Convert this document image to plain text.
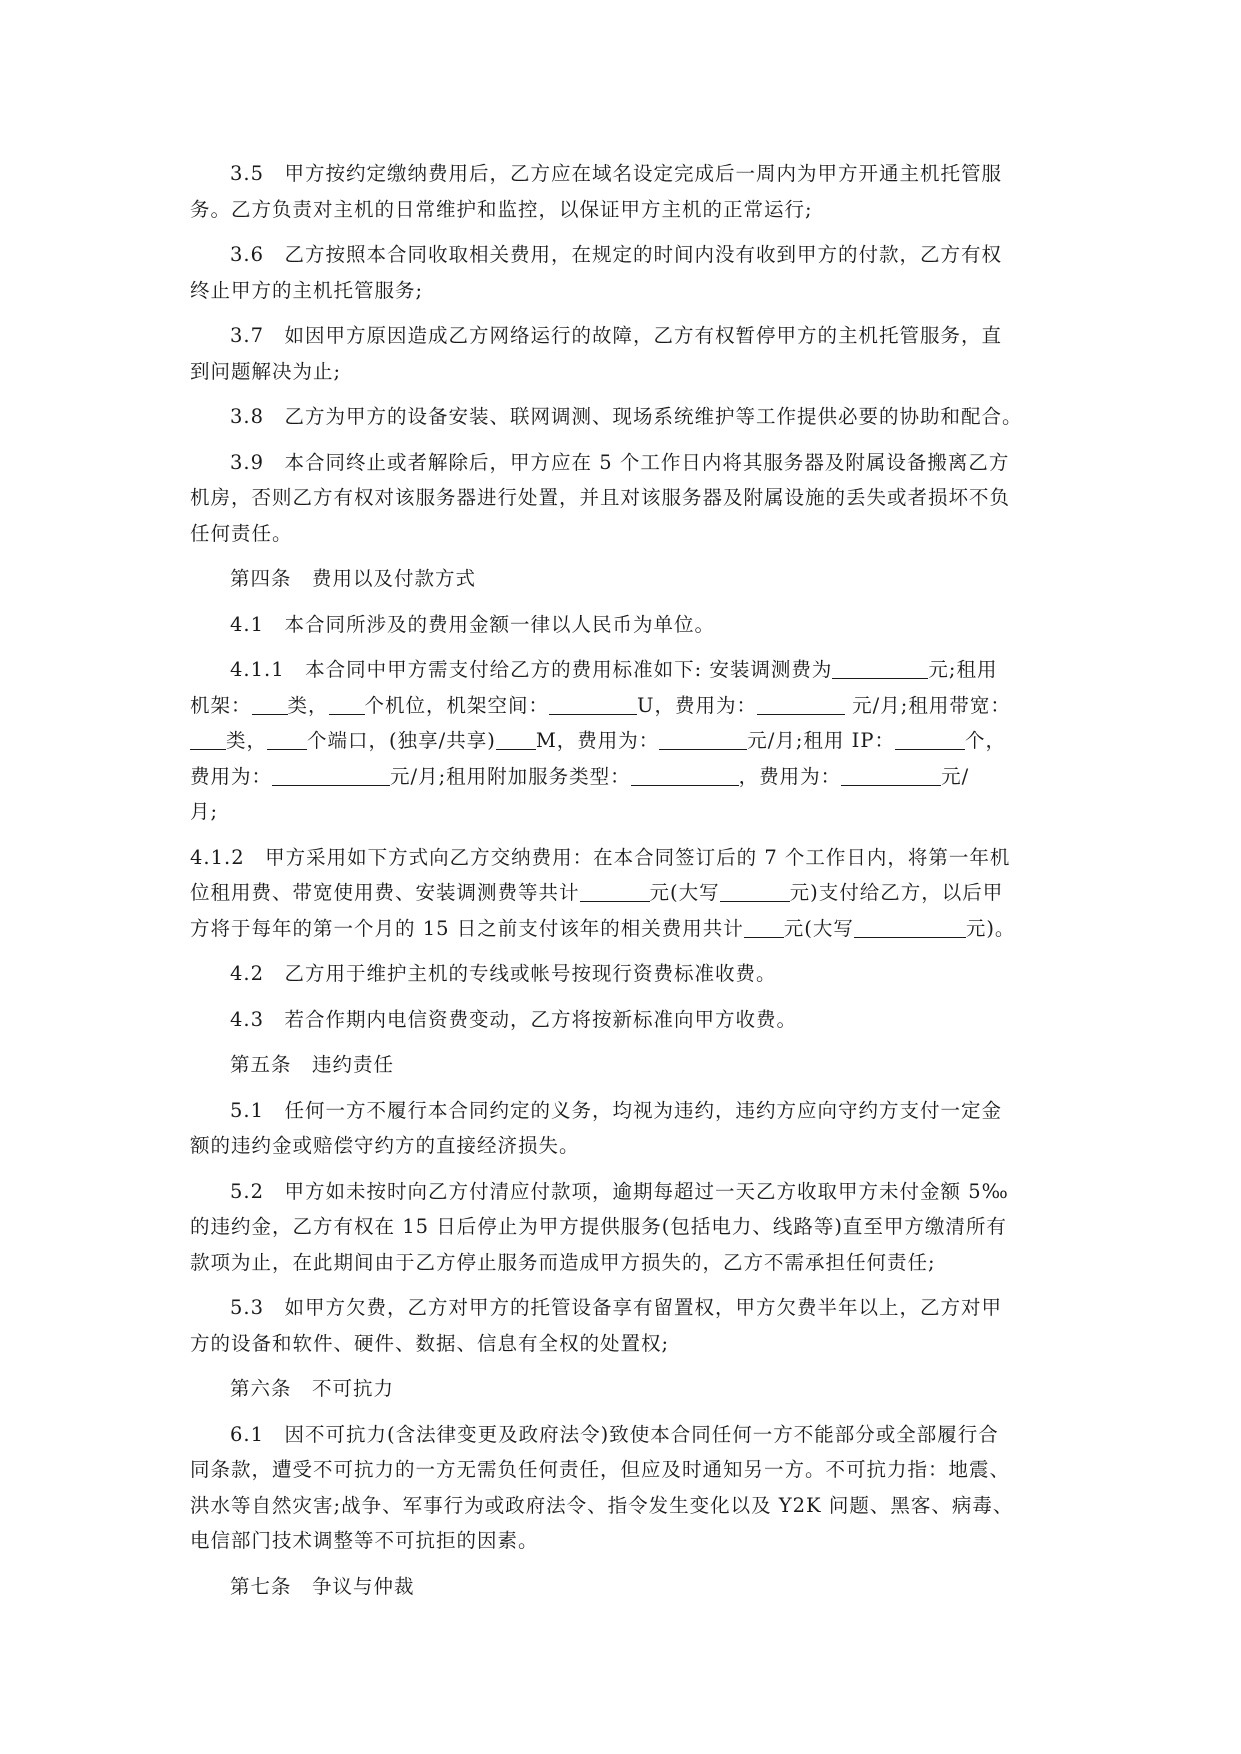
3.5　甲方按约定缴纳费用后，乙方应在域名设定完成后一周内为甲方开通主机托管服
务。乙方负责对主机的日常维护和监控，以保证甲方主机的正常运行;
3.6　乙方按照本合同收取相关费用，在规定的时间内没有收到甲方的付款，乙方有权
终止甲方的主机托管服务;
3.7　如因甲方原因造成乙方网络运行的故障，乙方有权暂停甲方的主机托管服务，直
到问题解决为止;
3.8　乙方为甲方的设备安装、联网调测、现场系统维护等工作提供必要的协助和配合。
3.9　本合同终止或者解除后，甲方应在 5 个工作日内将其服务器及附属设备搬离乙方
机房，否则乙方有权对该服务器进行处置，并且对该服务器及附属设施的丢失或者损坏不负
任何责任。
第四条　费用以及付款方式
4.1　本合同所涉及的费用金额一律以人民币为单位。
4.1.1　本合同中甲方需支付给乙方的费用标准如下: 安装调测费为	元;租用
机架： 类， 个机位，机架空间：	U，费用为：	元/月;租用带宽：
类， 个端口，(独享/共享) M，费用为：	元/月;租用 IP：	个，
费用为：	元/月;租用附加服务类型：	，费用为：	元/
月;
4.1.2　甲方采用如下方式向乙方交纳费用：在本合同签订后的 7 个工作日内，将第一年机
位租用费、带宽使用费、安装调测费等共计	元(大写	元)支付给乙方，以后甲
方将于每年的第一个月的 15 日之前支付该年的相关费用共计 元(大写	元)。
4.2　乙方用于维护主机的专线或帐号按现行资费标准收费。
4.3　若合作期内电信资费变动，乙方将按新标准向甲方收费。
第五条　违约责任
5.1　任何一方不履行本合同约定的义务，均视为违约，违约方应向守约方支付一定金
额的违约金或赔偿守约方的直接经济损失。
5.2　甲方如未按时向乙方付清应付款项，逾期每超过一天乙方收取甲方未付金额 5‰
的违约金，乙方有权在 15 日后停止为甲方提供服务(包括电力、线路等)直至甲方缴清所有
款项为止，在此期间由于乙方停止服务而造成甲方损失的，乙方不需承担任何责任;
5.3　如甲方欠费，乙方对甲方的托管设备享有留置权，甲方欠费半年以上，乙方对甲
方的设备和软件、硬件、数据、信息有全权的处置权;
第六条　不可抗力
6.1　因不可抗力(含法律变更及政府法令)致使本合同任何一方不能部分或全部履行合
同条款，遭受不可抗力的一方无需负任何责任，但应及时通知另一方。不可抗力指：地震、
洪水等自然灾害;战争、军事行为或政府法令、指令发生变化以及 Y2K 问题、黑客、病毒、
电信部门技术调整等不可抗拒的因素。
第七条　争议与仲裁
